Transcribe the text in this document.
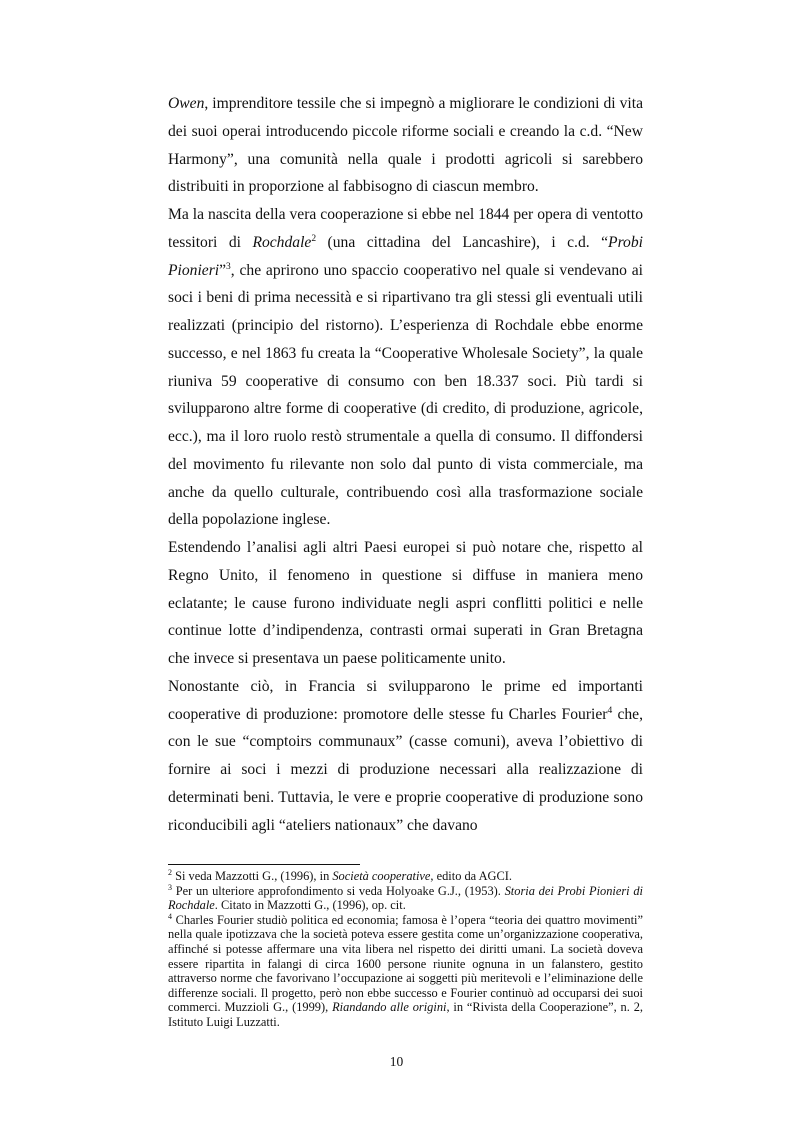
Owen, imprenditore tessile che si impegnò a migliorare le condizioni di vita dei suoi operai introducendo piccole riforme sociali e creando la c.d. “New Harmony”, una comunità nella quale i prodotti agricoli si sarebbero distribuiti in proporzione al fabbisogno di ciascun membro.

Ma la nascita della vera cooperazione si ebbe nel 1844 per opera di ventotto tessitori di Rochdale$^2$ (una cittadina del Lancashire), i c.d. “Probi Pionieri”$^3$, che aprirono uno spaccio cooperativo nel quale si vendevano ai soci i beni di prima necessità e si ripartivano tra gli stessi gli eventuali utili realizzati (principio del ristorno). L’esperienza di Rochdale ebbe enorme successo, e nel 1863 fu creata la “Cooperative Wholesale Society”, la quale riuniva 59 cooperative di consumo con ben 18.337 soci. Più tardi si svilupparono altre forme di cooperative (di credito, di produzione, agricole, ecc.), ma il loro ruolo restò strumentale a quella di consumo. Il diffondersi del movimento fu rilevante non solo dal punto di vista commerciale, ma anche da quello culturale, contribuendo così alla trasformazione sociale della popolazione inglese.

Estendendo l’analisi agli altri Paesi europei si può notare che, rispetto al Regno Unito, il fenomeno in questione si diffuse in maniera meno eclatante; le cause furono individuate negli aspri conflitti politici e nelle continue lotte d’indipendenza, contrasti ormai superati in Gran Bretagna che invece si presentava un paese politicamente unito.

Nonostante ciò, in Francia si svilupparono le prime ed importanti cooperative di produzione: promotore delle stesse fu Charles Fourier$^4$ che, con le sue “comptoirs communaux” (casse comuni), aveva l’obiettivo di fornire ai soci i mezzi di produzione necessari alla realizzazione di determinati beni. Tuttavia, le vere e proprie cooperative di produzione sono riconducibili agli “ateliers nationaux” che davano

$^2$ Si veda Mazzotti G., (1996), in Società cooperative, edito da AGCI.

$^3$ Per un ulteriore approfondimento si veda Holyoake G.J., (1953). Storia dei Probi Pionieri di Rochdale. Citato in Mazzotti G., (1996), op. cit.

$^4$ Charles Fourier studiò politica ed economia; famosa è l’opera “teoria dei quattro movimenti” nella quale ipotizzava che la società poteva essere gestita come un’organizzazione cooperativa, affinché si potesse affermare una vita libera nel rispetto dei diritti umani. La società doveva essere ripartita in falangi di circa 1600 persone riunite ognuna in un falanstero, gestito attraverso norme che favorivano l’occupazione ai soggetti più meritevoli e l’eliminazione delle differenze sociali. Il progetto, però non ebbe successo e Fourier continuò ad occuparsi dei suoi commerci. Muzzioli G., (1999), Riandando alle origini, in “Rivista della Cooperazione”, n. 2, Istituto Luigi Luzzatti.

10
